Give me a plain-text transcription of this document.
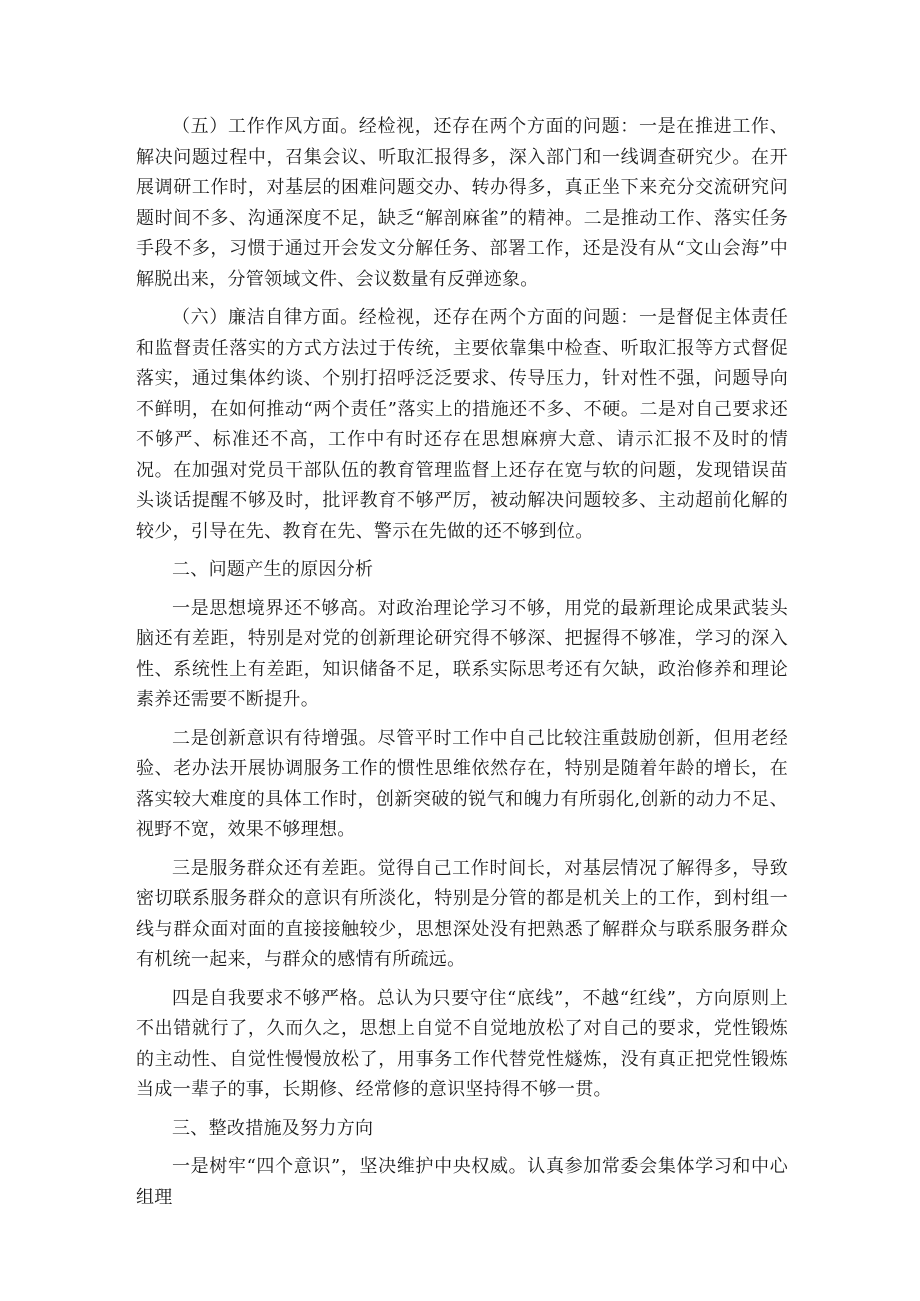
（五）工作作风方面。经检视，还存在两个方面的问题：一是在推进工作、解决问题过程中，召集会议、听取汇报得多，深入部门和一线调查研究少。在开展调研工作时，对基层的困难问题交办、转办得多，真正坐下来充分交流研究问题时间不多、沟通深度不足，缺乏“解剖麻雀”的精神。二是推动工作、落实任务手段不多，习惯于通过开会发文分解任务、部署工作，还是没有从“文山会海”中解脱出来，分管领域文件、会议数量有反弹迹象。

（六）廉洁自律方面。经检视，还存在两个方面的问题：一是督促主体责任和监督责任落实的方式方法过于传统，主要依靠集中检查、听取汇报等方式督促落实，通过集体约谈、个别打招呼泛泛要求、传导压力，针对性不强，问题导向不鲜明，在如何推动“两个责任”落实上的措施还不多、不硬。二是对自己要求还不够严、标准还不高，工作中有时还存在思想麻痹大意、请示汇报不及时的情况。在加强对党员干部队伍的教育管理监督上还存在宽与软的问题，发现错误苗头谈话提醒不够及时，批评教育不够严厉，被动解决问题较多、主动超前化解的较少，引导在先、教育在先、警示在先做的还不够到位。

二、问题产生的原因分析

一是思想境界还不够高。对政治理论学习不够，用党的最新理论成果武装头脑还有差距，特别是对党的创新理论研究得不够深、把握得不够准，学习的深入性、系统性上有差距，知识储备不足，联系实际思考还有欠缺，政治修养和理论素养还需要不断提升。

二是创新意识有待增强。尽管平时工作中自己比较注重鼓励创新，但用老经验、老办法开展协调服务工作的惯性思维依然存在，特别是随着年龄的增长，在落实较大难度的具体工作时，创新突破的锐气和魄力有所弱化,创新的动力不足、视野不宽，效果不够理想。

三是服务群众还有差距。觉得自己工作时间长，对基层情况了解得多，导致密切联系服务群众的意识有所淡化，特别是分管的都是机关上的工作，到村组一线与群众面对面的直接接触较少，思想深处没有把熟悉了解群众与联系服务群众有机统一起来，与群众的感情有所疏远。

四是自我要求不够严格。总认为只要守住“底线”，不越“红线”，方向原则上不出错就行了，久而久之，思想上自觉不自觉地放松了对自己的要求，党性锻炼的主动性、自觉性慢慢放松了，用事务工作代替党性燧炼，没有真正把党性锻炼当成一辈子的事，长期修、经常修的意识坚持得不够一贯。

三、整改措施及努力方向

一是树牢“四个意识”，坚决维护中央权威。认真参加常委会集体学习和中心组理
